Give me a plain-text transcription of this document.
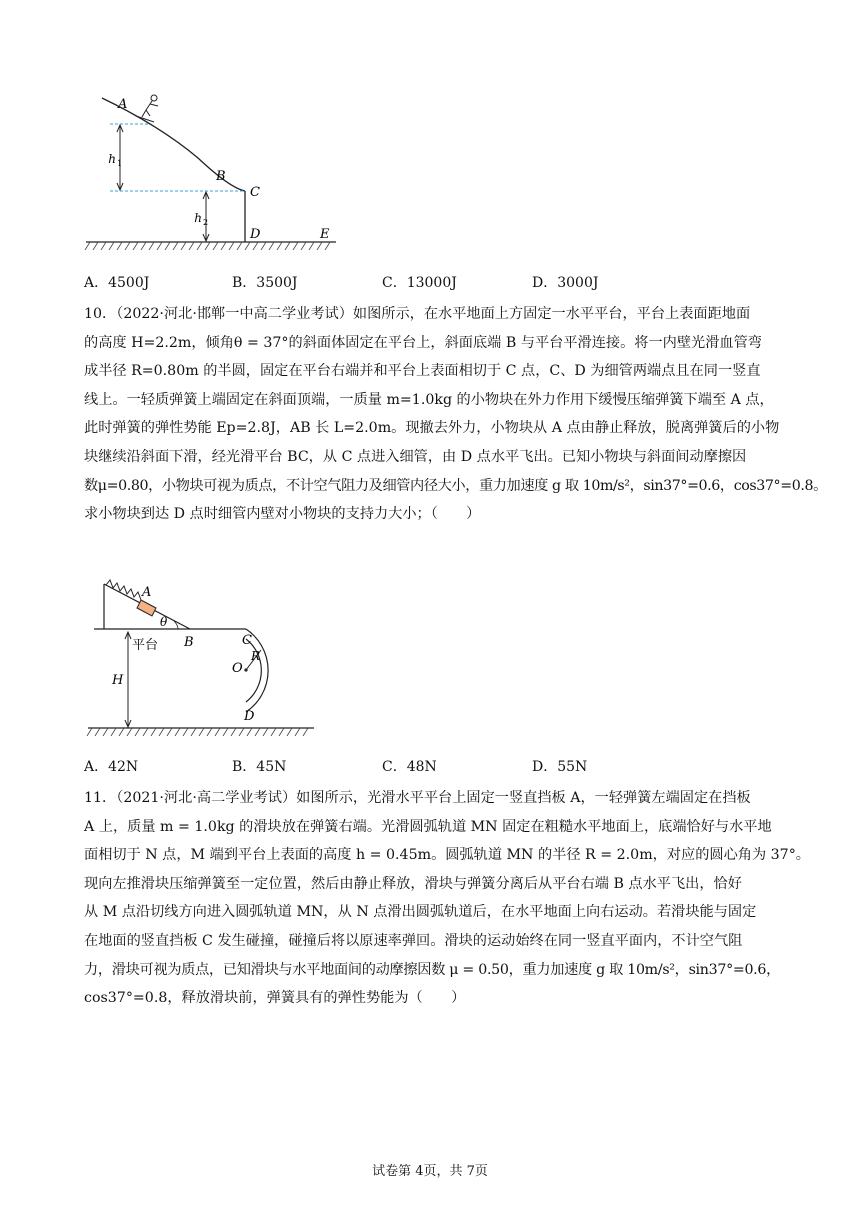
A
B
C
D	E
h 1
h 2
A．4500J	B．3500J	C．13000J	D．3000J
10．（2022·河北·邯郸一中高二学业考试）如图所示，在水平地面上方固定一水平平台，平台上表面距地面
的高度 H=2.2m，倾角θ = 37°的斜面体固定在平台上，斜面底端 B 与平台平滑连接。将一内壁光滑血管弯
成半径 R=0.80m 的半圆，固定在平台右端并和平台上表面相切于 C 点，C、D 为细管两端点且在同一竖直
线上。一轻质弹簧上端固定在斜面顶端，一质量 m=1.0kg 的小物块在外力作用下缓慢压缩弹簧下端至 A 点，
此时弹簧的弹性势能 Ep=2.8J，AB 长 L=2.0m。现撤去外力，小物块从 A 点由静止释放，脱离弹簧后的小物
块继续沿斜面下滑，经光滑平台 BC，从 C 点进入细管，由 D 点水平飞出。已知小物块与斜面间动摩擦因
数μ=0.80，小物块可视为质点，不计空气阻力及细管内径大小，重力加速度 g 取 10m/s²，sin37°=0.6，cos37°=0.8。
求小物块到达 D 点时细管内壁对小物块的支持力大小；（　　）
A
θ
平台 B	C
R
O
H
D
A．42N	B．45N	C．48N	D．55N
11．（2021·河北·高二学业考试）如图所示，光滑水平平台上固定一竖直挡板 A，一轻弹簧左端固定在挡板
A 上，质量 m = 1.0kg 的滑块放在弹簧右端。光滑圆弧轨道 MN 固定在粗糙水平地面上，底端恰好与水平地
面相切于 N 点，M 端到平台上表面的高度 h = 0.45m。圆弧轨道 MN 的半径 R = 2.0m，对应的圆心角为 37°。
现向左推滑块压缩弹簧至一定位置，然后由静止释放，滑块与弹簧分离后从平台右端 B 点水平飞出，恰好
从 M 点沿切线方向进入圆弧轨道 MN，从 N 点滑出圆弧轨道后，在水平地面上向右运动。若滑块能与固定
在地面的竖直挡板 C 发生碰撞，碰撞后将以原速率弹回。滑块的运动始终在同一竖直平面内，不计空气阻
力，滑块可视为质点，已知滑块与水平地面间的动摩擦因数 μ = 0.50，重力加速度 g 取 10m/s²，sin37°=0.6，
cos37°=0.8，释放滑块前，弹簧具有的弹性势能为（　　）
试卷第 4页，共 7页
